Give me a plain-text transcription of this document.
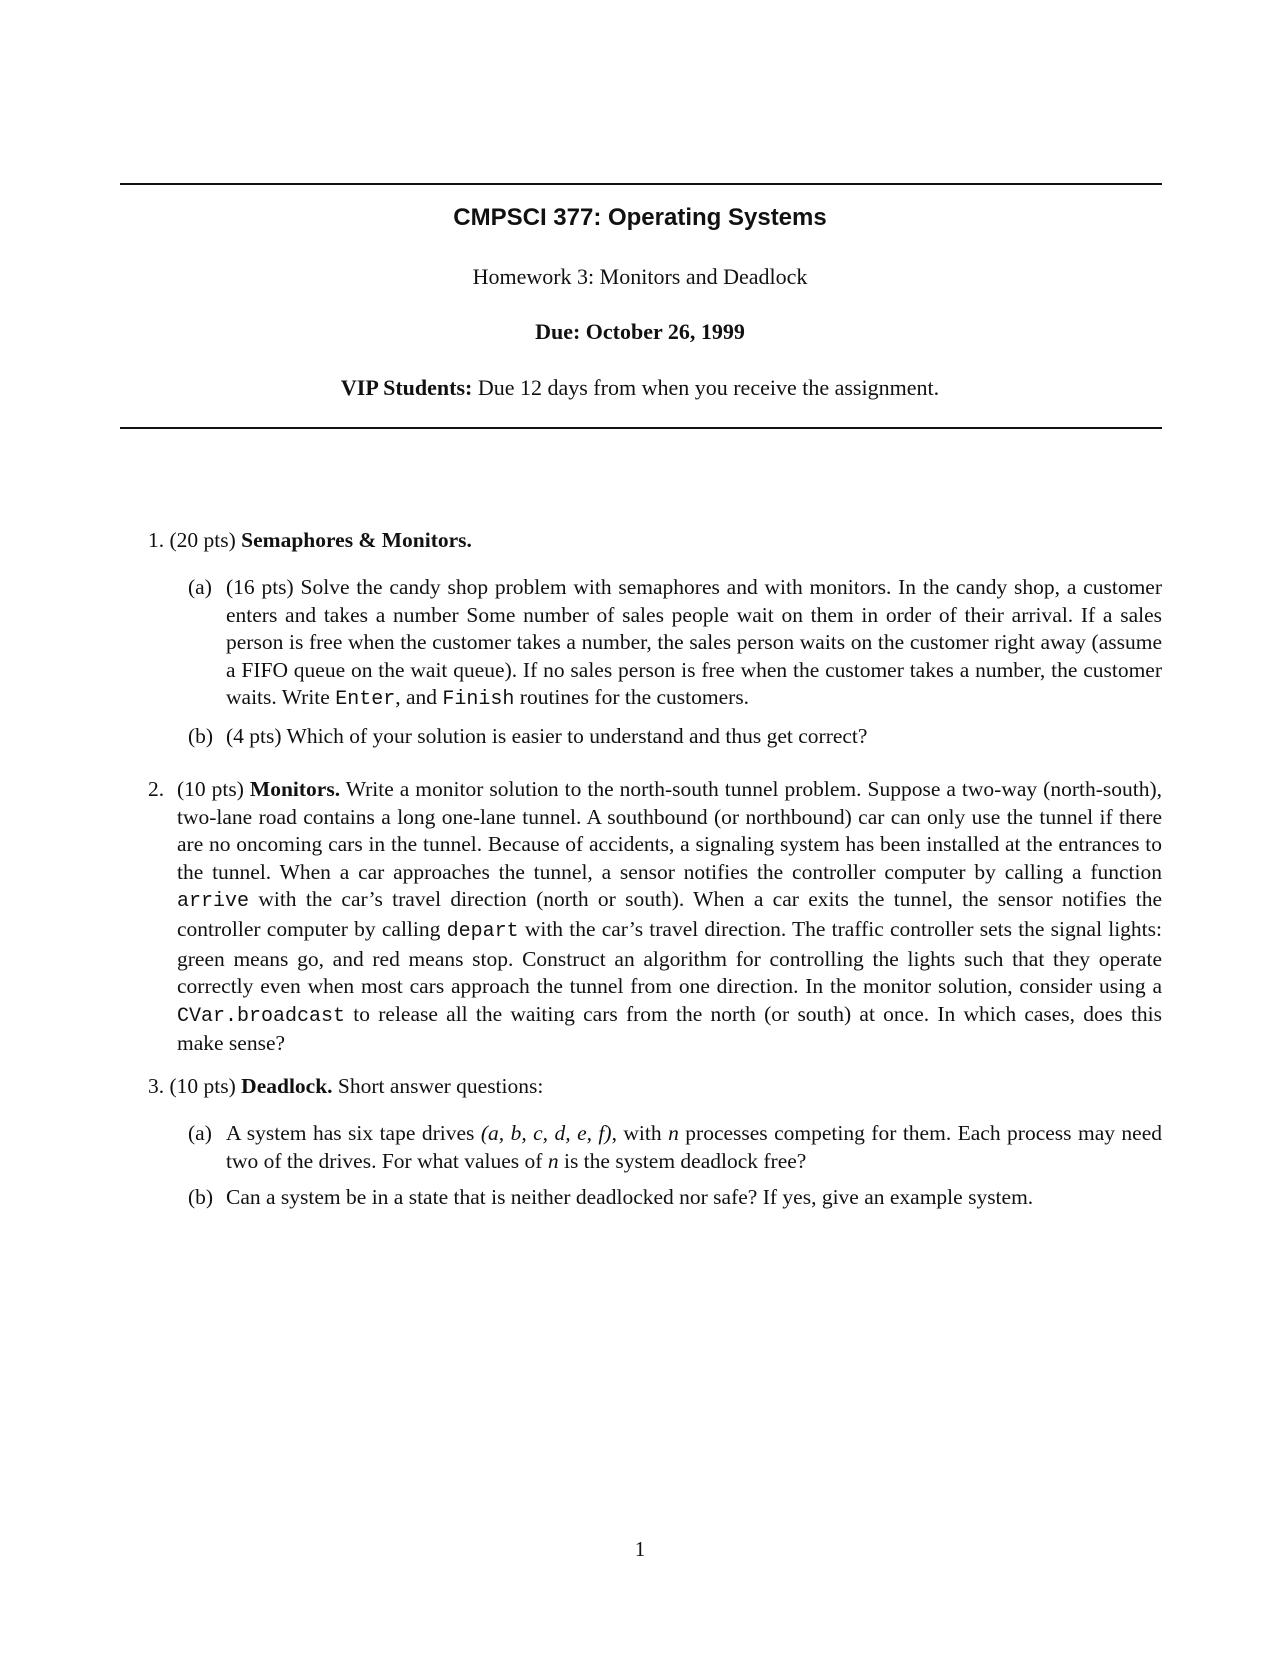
CMPSCI 377: Operating Systems
Homework 3: Monitors and Deadlock
Due: October 26, 1999
VIP Students: Due 12 days from when you receive the assignment.
1. (20 pts) Semaphores & Monitors.
(a) (16 pts) Solve the candy shop problem with semaphores and with monitors. In the candy shop, a customer enters and takes a number Some number of sales people wait on them in order of their arrival. If a sales person is free when the customer takes a number, the sales person waits on the customer right away (assume a FIFO queue on the wait queue). If no sales person is free when the customer takes a number, the customer waits. Write Enter, and Finish routines for the customers.
(b) (4 pts) Which of your solution is easier to understand and thus get correct?
2. (10 pts) Monitors. Write a monitor solution to the north-south tunnel problem. Suppose a two-way (north-south), two-lane road contains a long one-lane tunnel. A southbound (or northbound) car can only use the tunnel if there are no oncoming cars in the tunnel. Because of accidents, a signaling system has been installed at the entrances to the tunnel. When a car approaches the tunnel, a sensor notifies the controller computer by calling a function arrive with the car’s travel direction (north or south). When a car exits the tunnel, the sensor notifies the controller computer by calling depart with the car’s travel direction. The traffic controller sets the signal lights: green means go, and red means stop. Construct an algorithm for controlling the lights such that they operate correctly even when most cars approach the tunnel from one direction. In the monitor solution, consider using a CVar.broadcast to release all the waiting cars from the north (or south) at once. In which cases, does this make sense?
3. (10 pts) Deadlock. Short answer questions:
(a) A system has six tape drives (a, b, c, d, e, f), with n processes competing for them. Each process may need two of the drives. For what values of n is the system deadlock free?
(b) Can a system be in a state that is neither deadlocked nor safe? If yes, give an example system.
1
